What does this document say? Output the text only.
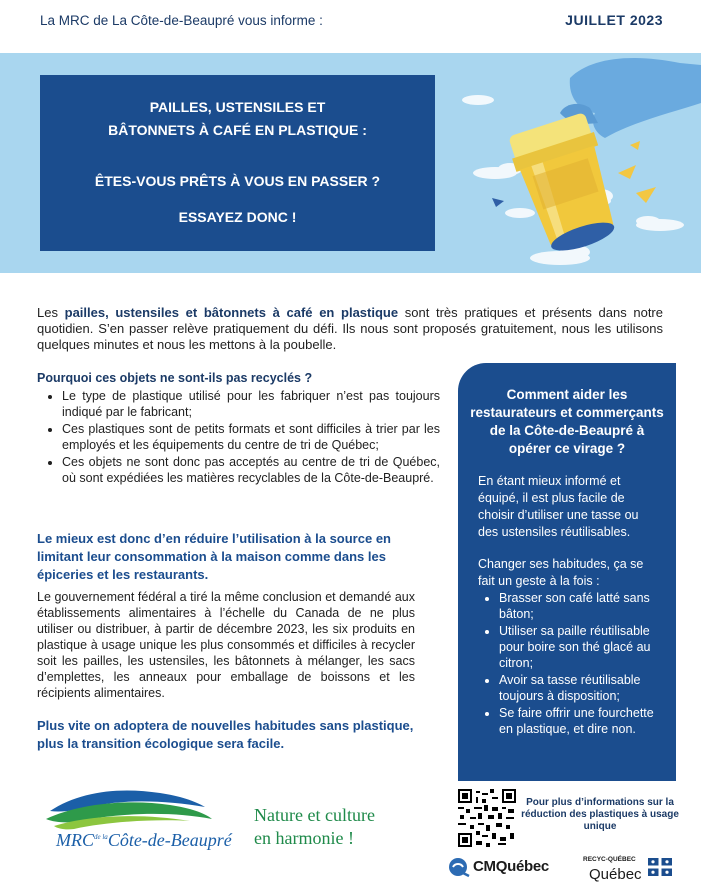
La MRC de La Côte-de-Beaupré vous informe :	JUILLET 2023
PAILLES, USTENSILES ET
BÂTONNETS À CAFÉ EN PLASTIQUE :
ÊTES-VOUS PRÊTS À VOUS EN PASSER ?
ESSAYEZ DONC !
Les pailles, ustensiles et bâtonnets à café en plastique sont très pratiques et présents dans notre quotidien. S’en passer relève pratiquement du défi. Ils nous sont proposés gratuitement, nous les utilisons quelques minutes et nous les mettons à la poubelle.
Pourquoi ces objets ne sont-ils pas recyclés ?
• Le type de plastique utilisé pour les fabriquer n’est pas toujours indiqué par le fabricant;
• Ces plastiques sont de petits formats et sont difficiles à trier par les employés et les équipements du centre de tri de Québec;
• Ces objets ne sont donc pas acceptés au centre de tri de Québec, où sont expédiées les matières recyclables de la Côte-de-Beaupré.
Le mieux est donc d’en réduire l’utilisation à la source en limitant leur consommation à la maison comme dans les épiceries et les restaurants.
Le gouvernement fédéral a tiré la même conclusion et demandé aux établissements alimentaires à l’échelle du Canada de ne plus utiliser ou distribuer, à partir de décembre 2023, les six produits en plastique à usage unique les plus consommés et difficiles à recycler soit les pailles, les ustensiles, les bâtonnets à mélanger, les sacs d’emplettes, les anneaux pour emballage de boissons et les récipients alimentaires.
Plus vite on adoptera de nouvelles habitudes sans plastique, plus la transition écologique sera facile.
Comment aider les restaurateurs et commerçants de la Côte-de-Beaupré à opérer ce virage ?
En étant mieux informé et équipé, il est plus facile de choisir d’utiliser une tasse ou des ustensiles réutilisables.
Changer ses habitudes, ça se fait un geste à la fois :
• Brasser son café latté sans bâton;
• Utiliser sa paille réutilisable pour boire son thé glacé au citron;
• Avoir sa tasse réutilisable toujours à disposition;
• Se faire offrir une fourchette en plastique, et dire non.
$MRC^{de la}Côte-de$-Beaupré
Nature et culture
en harmonie !
Pour plus d’informations sur la réduction des plastiques à usage unique
CMQuébec	RECYC-QUÉBEC
Québec
